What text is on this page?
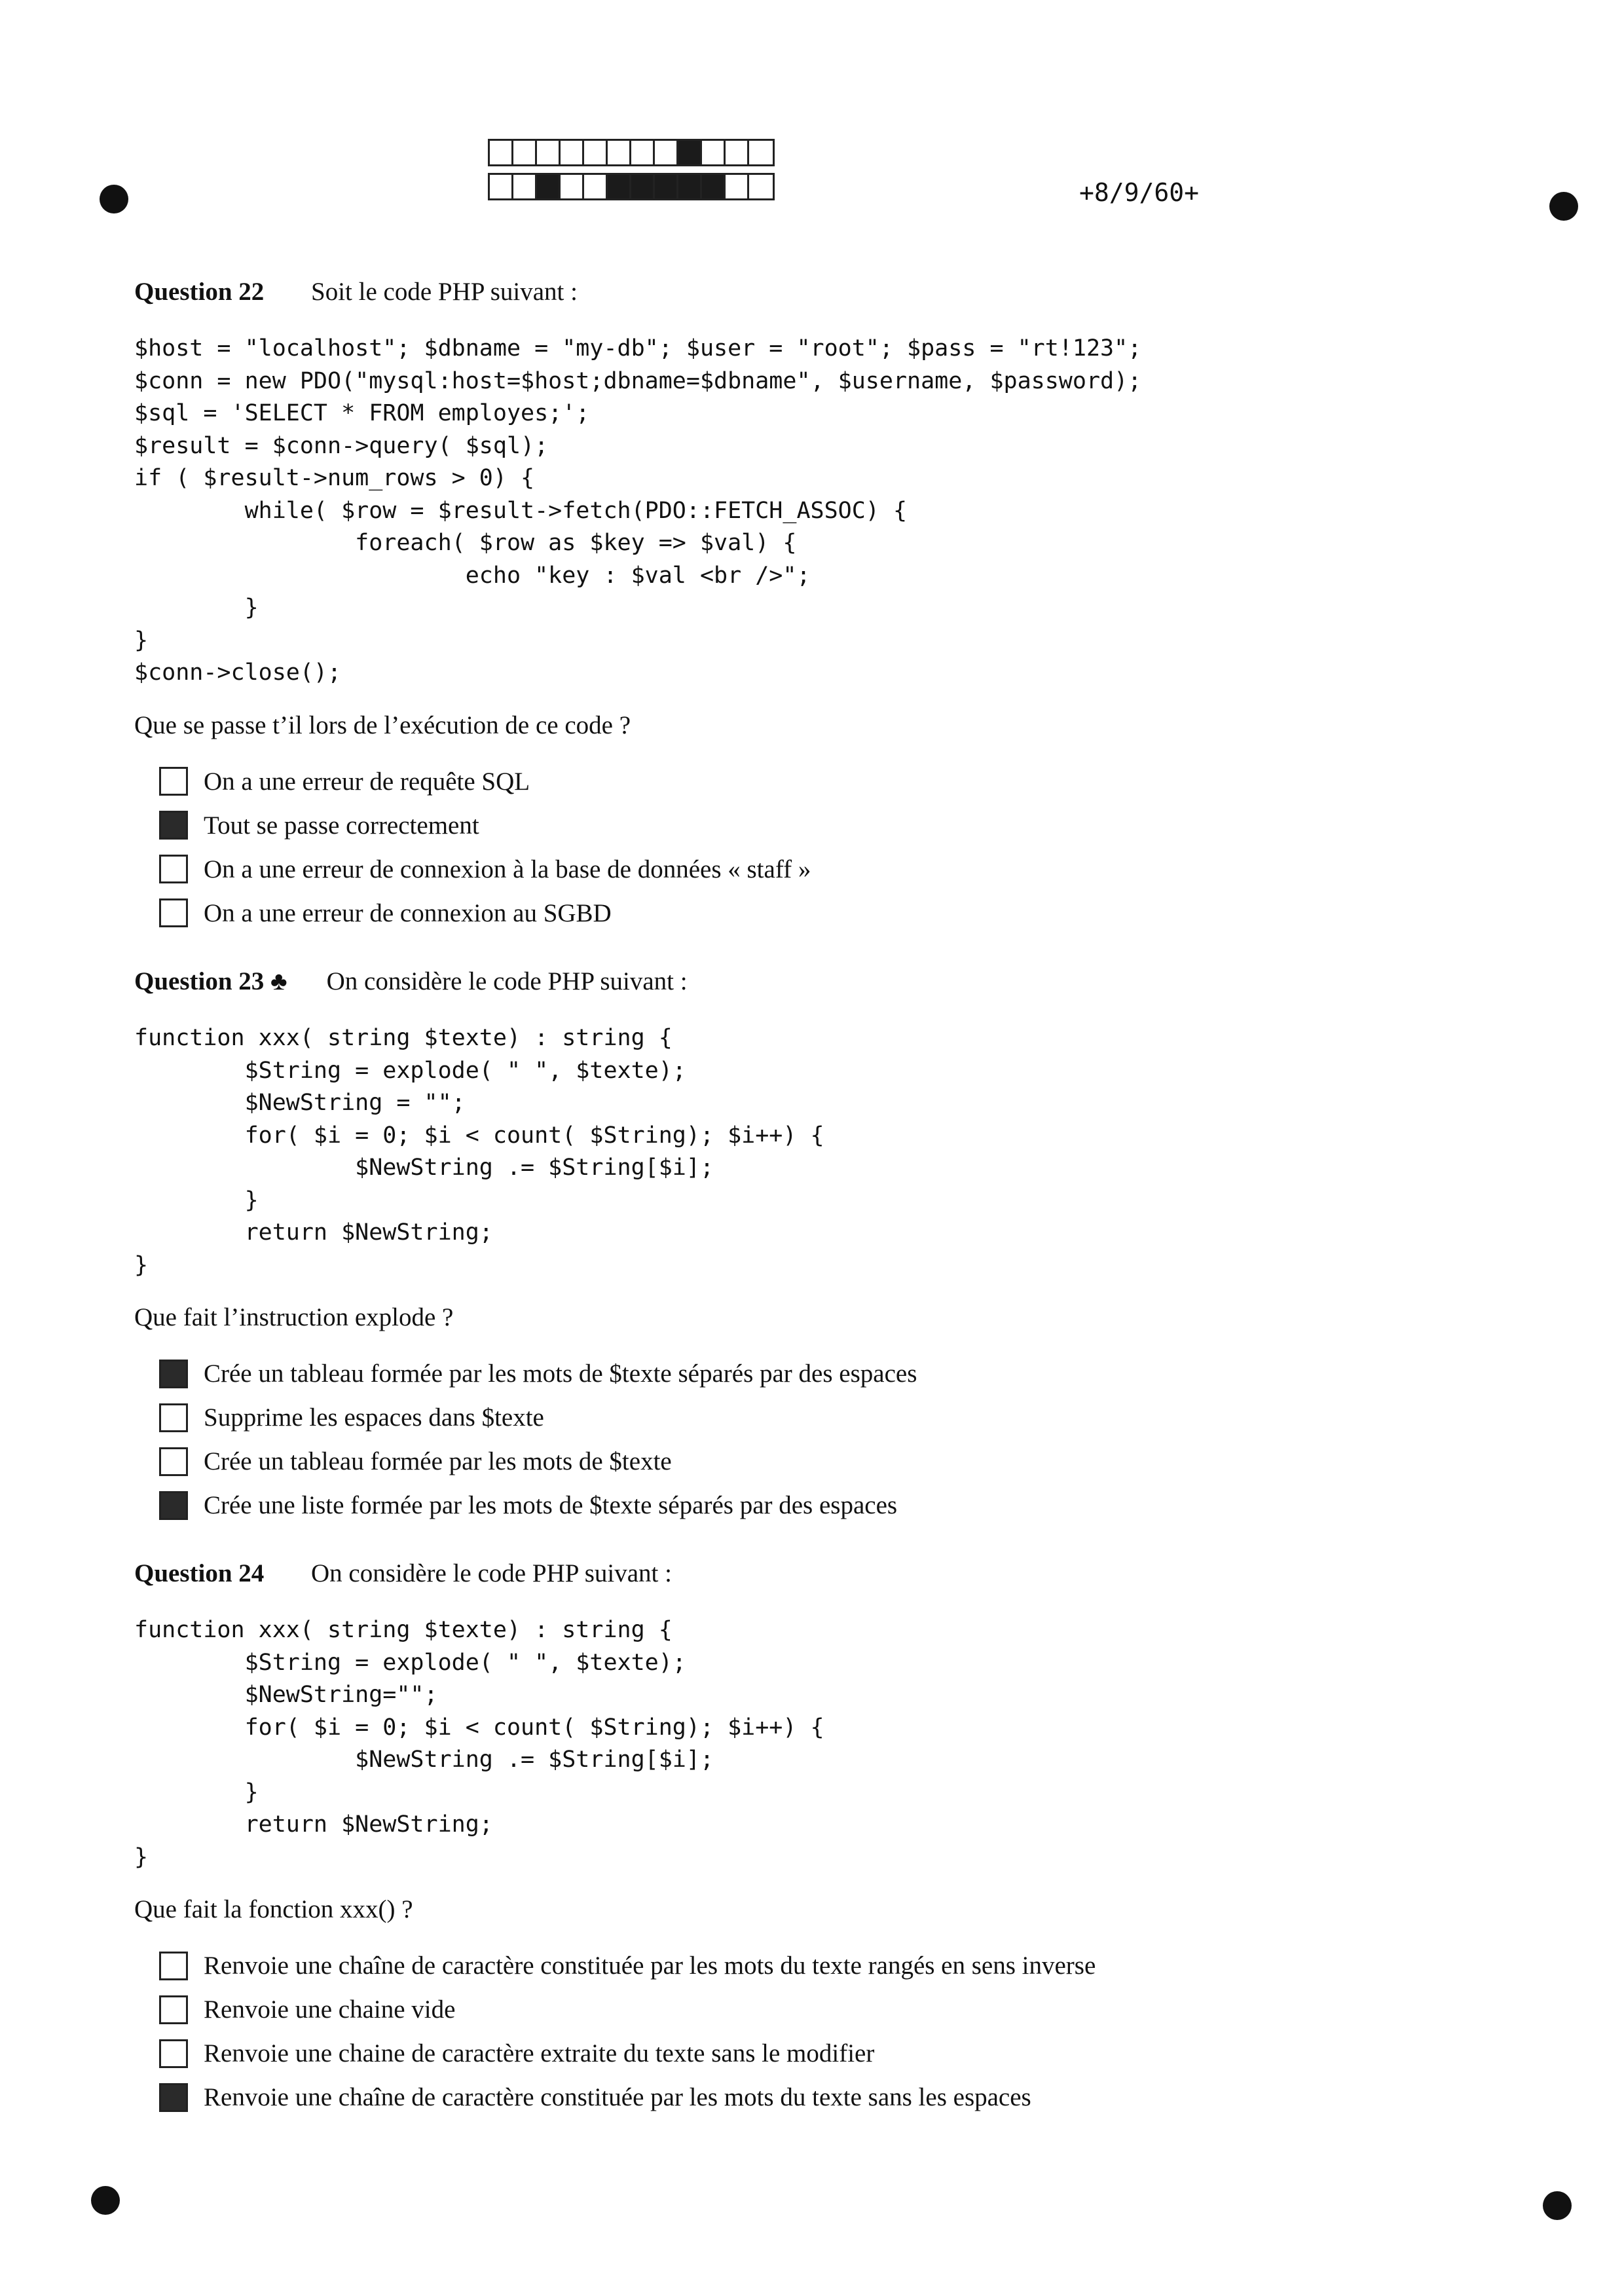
+8/9/60+
Question 22	Soit le code PHP suivant :
$host = "localhost"; $dbname = "my-db"; $user = "root"; $pass = "rt!123";
$conn = new PDO("mysql:host=$host;dbname=$dbname", $username, $password);
$sql = 'SELECT * FROM employes;';
$result = $conn->query( $sql);
if ( $result->num_rows > 0) {
while( $row = $result->fetch(PDO::FETCH_ASSOC) {
foreach( $row as $key => $val) {
echo "key : $val <br />";
}
}
$conn->close();
Que se passe t’il lors de l’exécution de ce code ?
On a une erreur de requête SQL
Tout se passe correctement
On a une erreur de connexion à la base de données « staff »
On a une erreur de connexion au SGBD
Question 23 ♣ On considère le code PHP suivant :
function xxx( string $texte) : string {
$String = explode( " ", $texte);
$NewString = "";
for( $i = 0; $i < count( $String); $i++) {
$NewString .= $String[$i];
}
return $NewString;
}
Que fait l’instruction explode ?
Crée un tableau formée par les mots de $texte séparés par des espaces
Supprime les espaces dans $texte
Crée un tableau formée par les mots de $texte
Crée une liste formée par les mots de $texte séparés par des espaces
Question 24	On considère le code PHP suivant :
function xxx( string $texte) : string {
$String = explode( " ", $texte);
$NewString="";
for( $i = 0; $i < count( $String); $i++) {
$NewString .= $String[$i];
}
return $NewString;
}
Que fait la fonction xxx() ?
Renvoie une chaîne de caractère constituée par les mots du texte rangés en sens inverse
Renvoie une chaine vide
Renvoie une chaine de caractère extraite du texte sans le modifier
Renvoie une chaîne de caractère constituée par les mots du texte sans les espaces
